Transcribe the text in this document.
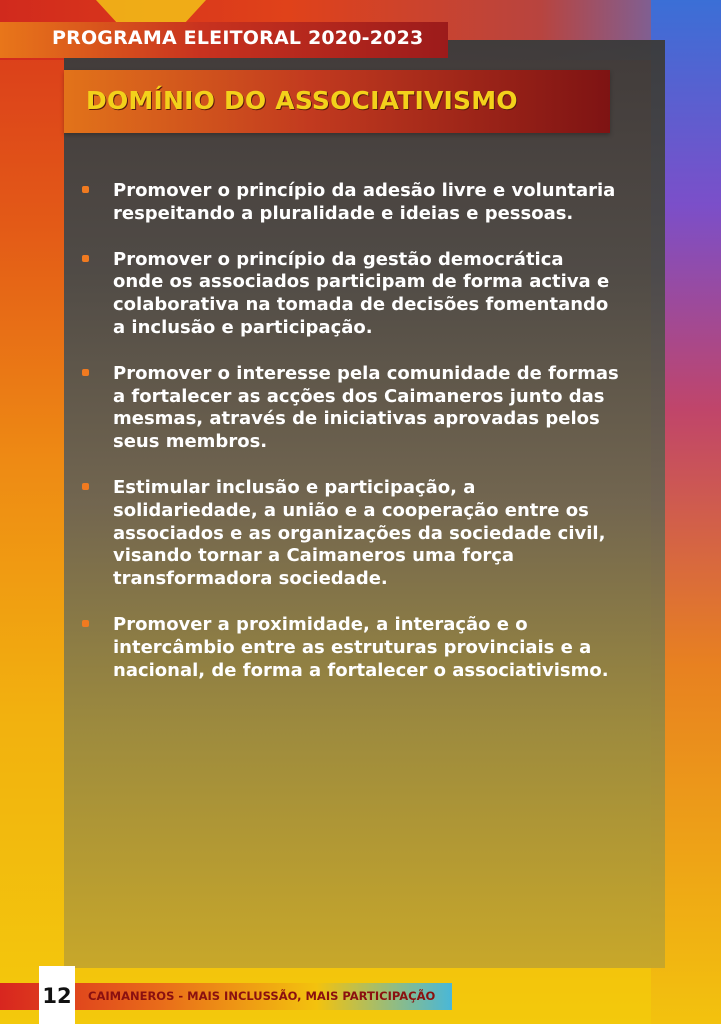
PROGRAMA ELEITORAL 2020-2023
DOMÍNIO DO ASSOCIATIVISMO
Promover o princípio da adesão livre e voluntaria respeitando a pluralidade e ideias e pessoas.
Promover o princípio da gestão democrática onde os associados participam de forma activa e colaborativa na tomada de decisões fomentando a inclusão e participação.
Promover o interesse pela comunidade de formas a fortalecer as acções dos Caimaneros junto das mesmas, através de iniciativas aprovadas pelos seus membros.
Estimular inclusão e participação, a solidariedade, a união e a cooperação entre os associados e as organizações da sociedade civil, visando tornar a Caimaneros uma força transformadora sociedade.
Promover a proximidade, a interação e o intercâmbio entre as estruturas provinciais e a nacional, de forma a fortalecer o associativismo.
12 CAIMANEROS - MAIS INCLUSSÃO, MAIS PARTICIPAÇÃO
